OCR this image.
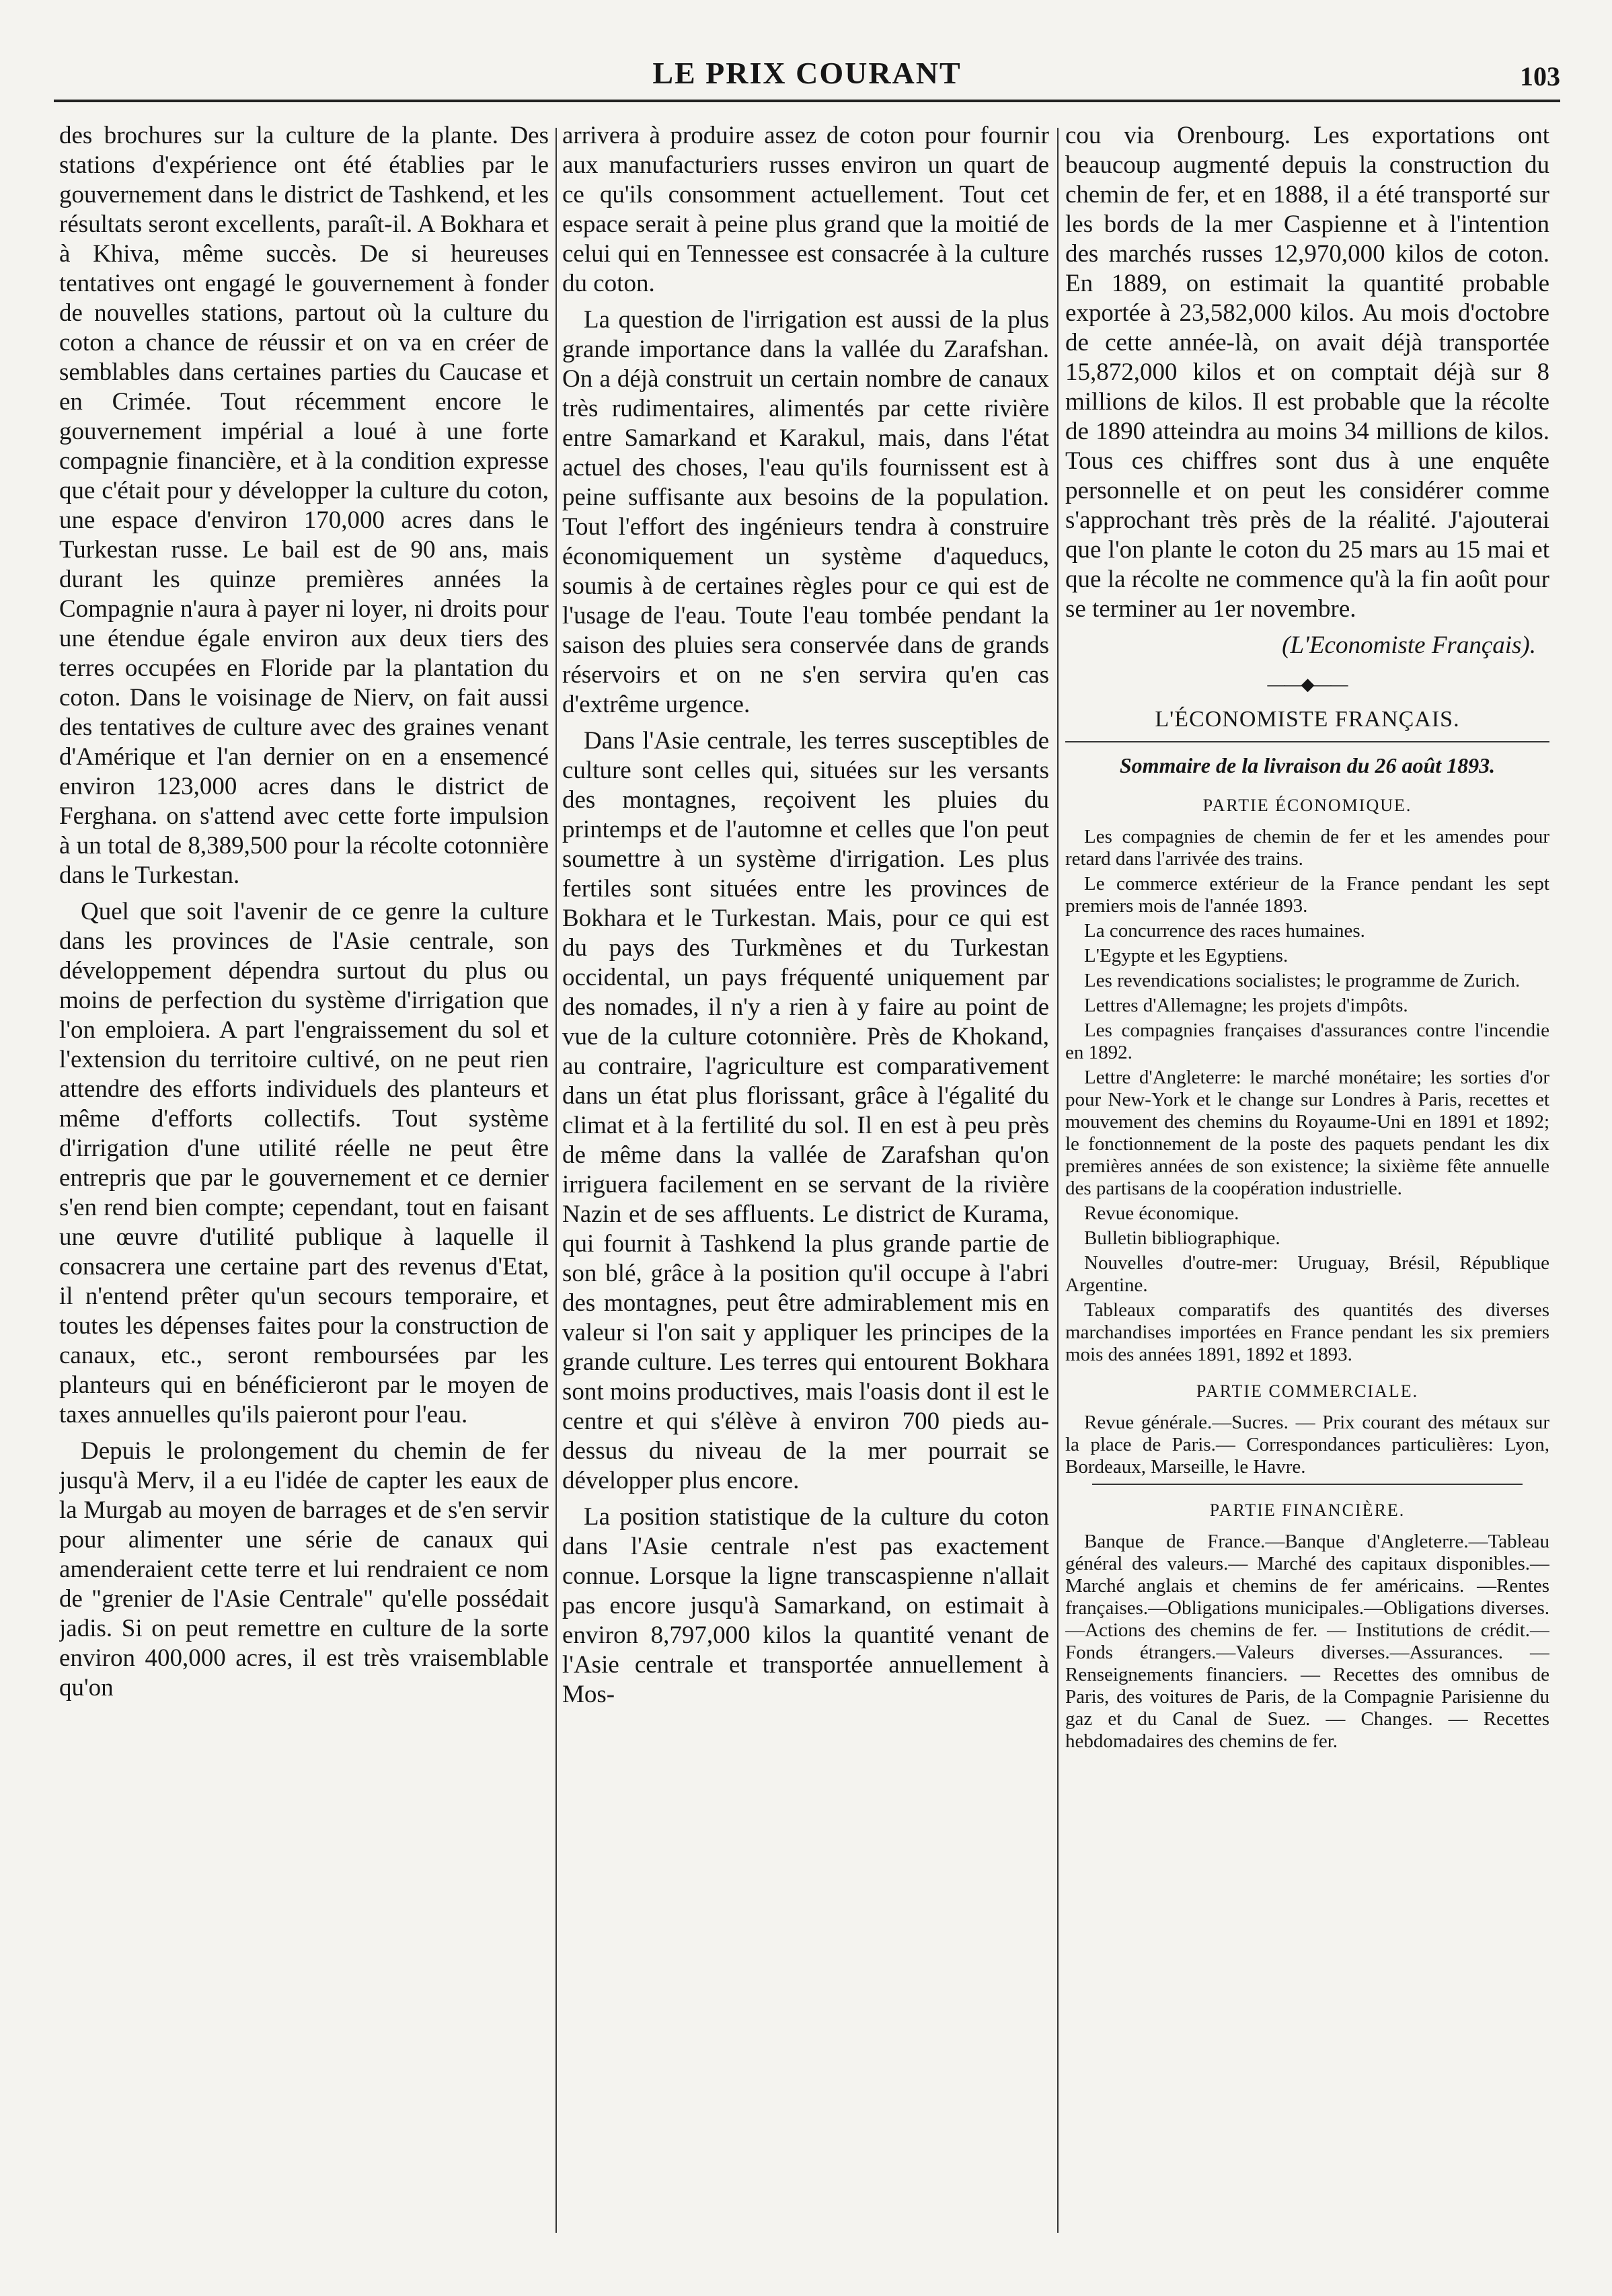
LE PRIX COURANT	103

des brochures sur la culture de la plante. Des stations d'expérience ont été établies par le gouvernement dans le district de Tashkend, et les résultats seront excellents, paraît-il. A Bokhara et à Khiva, même succès. De si heureuses tentatives ont engagé le gouvernement à fonder de nouvelles stations, partout où la culture du coton a chance de réussir et on va en créer de semblables dans certaines parties du Caucase et en Crimée. Tout récemment encore le gouvernement impérial a loué à une forte compagnie financière, et à la condition expresse que c'était pour y développer la culture du coton, une espace d'environ 170,000 acres dans le Turkestan russe. Le bail est de 90 ans, mais durant les quinze premières années la Compagnie n'aura à payer ni loyer, ni droits pour une étendue égale environ aux deux tiers des terres occupées en Floride par la plantation du coton. Dans le voisinage de Nierv, on fait aussi des tentatives de culture avec des graines venant d'Amérique et l'an dernier on en a ensemencé environ 123,000 acres dans le district de Ferghana. on s'attend avec cette forte impulsion à un total de 8,389,500 pour la récolte cotonnière dans le Turkestan.

Quel que soit l'avenir de ce genre la culture dans les provinces de l'Asie centrale, son développement dépendra surtout du plus ou moins de perfection du système d'irrigation que l'on emploiera. A part l'engraissement du sol et l'extension du territoire cultivé, on ne peut rien attendre des efforts individuels des planteurs et même d'efforts collectifs. Tout système d'irrigation d'une utilité réelle ne peut être entrepris que par le gouvernement et ce dernier s'en rend bien compte; cependant, tout en faisant une œuvre d'utilité publique à laquelle il consacrera une certaine part des revenus d'Etat, il n'entend prêter qu'un secours temporaire, et toutes les dépenses faites pour la construction de canaux, etc., seront remboursées par les planteurs qui en bénéficieront par le moyen de taxes annuelles qu'ils paieront pour l'eau.

Depuis le prolongement du chemin de fer jusqu'à Merv, il a eu l'idée de capter les eaux de la Murgab au moyen de barrages et de s'en servir pour alimenter une série de canaux qui amenderaient cette terre et lui rendraient ce nom de "grenier de l'Asie Centrale" qu'elle possédait jadis. Si on peut remettre en culture de la sorte environ 400,000 acres, il est très vraisemblable qu'on

arrivera à produire assez de coton pour fournir aux manufacturiers russes environ un quart de ce qu'ils consomment actuellement. Tout cet espace serait à peine plus grand que la moitié de celui qui en Tennessee est consacrée à la culture du coton.

La question de l'irrigation est aussi de la plus grande importance dans la vallée du Zarafshan. On a déjà construit un certain nombre de canaux très rudimentaires, alimentés par cette rivière entre Samarkand et Karakul, mais, dans l'état actuel des choses, l'eau qu'ils fournissent est à peine suffisante aux besoins de la population. Tout l'effort des ingénieurs tendra à construire économiquement un système d'aqueducs, soumis à de certaines règles pour ce qui est de l'usage de l'eau. Toute l'eau tombée pendant la saison des pluies sera conservée dans de grands réservoirs et on ne s'en servira qu'en cas d'extrême urgence.

Dans l'Asie centrale, les terres susceptibles de culture sont celles qui, situées sur les versants des montagnes, reçoivent les pluies du printemps et de l'automne et celles que l'on peut soumettre à un système d'irrigation. Les plus fertiles sont situées entre les provinces de Bokhara et le Turkestan. Mais, pour ce qui est du pays des Turkmènes et du Turkestan occidental, un pays fréquenté uniquement par des nomades, il n'y a rien à y faire au point de vue de la culture cotonnière. Près de Khokand, au contraire, l'agriculture est comparativement dans un état plus florissant, grâce à l'égalité du climat et à la fertilité du sol. Il en est à peu près de même dans la vallée de Zarafshan qu'on irriguera facilement en se servant de la rivière Nazin et de ses affluents. Le district de Kurama, qui fournit à Tashkend la plus grande partie de son blé, grâce à la position qu'il occupe à l'abri des montagnes, peut être admirablement mis en valeur si l'on sait y appliquer les principes de la grande culture. Les terres qui entourent Bokhara sont moins productives, mais l'oasis dont il est le centre et qui s'élève à environ 700 pieds au-dessus du niveau de la mer pourrait se développer plus encore.

La position statistique de la culture du coton dans l'Asie centrale n'est pas exactement connue. Lorsque la ligne transcaspienne n'allait pas encore jusqu'à Samarkand, on estimait à environ 8,797,000 kilos la quantité venant de l'Asie centrale et transportée annuellement à Mos-

cou via Orenbourg. Les exportations ont beaucoup augmenté depuis la construction du chemin de fer, et en 1888, il a été transporté sur les bords de la mer Caspienne et à l'intention des marchés russes 12,970,000 kilos de coton. En 1889, on estimait la quantité probable exportée à 23,582,000 kilos. Au mois d'octobre de cette année-là, on avait déjà transportée 15,872,000 kilos et on comptait déjà sur 8 millions de kilos. Il est probable que la récolte de 1890 atteindra au moins 34 millions de kilos. Tous ces chiffres sont dus à une enquête personnelle et on peut les considérer comme s'approchant très près de la réalité. J'ajouterai que l'on plante le coton du 25 mars au 15 mai et que la récolte ne commence qu'à la fin août pour se terminer au 1er novembre.

(L'Economiste Français).
——◆——
L'ÉCONOMISTE FRANÇAIS.
Sommaire de la livraison du 26 août 1893.
PARTIE ÉCONOMIQUE.
Les compagnies de chemin de fer et les amendes pour retard dans l'arrivée des trains.
Le commerce extérieur de la France pendant les sept premiers mois de l'année 1893.
La concurrence des races humaines.
L'Egypte et les Egyptiens.
Les revendications socialistes; le programme de Zurich.
Lettres d'Allemagne; les projets d'impôts.
Les compagnies françaises d'assurances contre l'incendie en 1892.
Lettre d'Angleterre: le marché monétaire; les sorties d'or pour New-York et le change sur Londres à Paris, recettes et mouvement des chemins du Royaume-Uni en 1891 et 1892; le fonctionnement de la poste des paquets pendant les dix premières années de son existence; la sixième fête annuelle des partisans de la coopération industrielle.
Revue économique.
Bulletin bibliographique.
Nouvelles d'outre-mer: Uruguay, Brésil, République Argentine.
Tableaux comparatifs des quantités des diverses marchandises importées en France pendant les six premiers mois des années 1891, 1892 et 1893.
PARTIE COMMERCIALE.
Revue générale.—Sucres. — Prix courant des métaux sur la place de Paris.— Correspondances particulières: Lyon, Bordeaux, Marseille, le Havre.
PARTIE FINANCIÈRE.
Banque de France.—Banque d'Angleterre.—Tableau général des valeurs.— Marché des capitaux disponibles.—Marché anglais et chemins de fer américains. —Rentes françaises.—Obligations municipales.—Obligations diverses.—Actions des chemins de fer. — Institutions de crédit.—Fonds étrangers.—Valeurs diverses.—Assurances. — Renseignements financiers. — Recettes des omnibus de Paris, des voitures de Paris, de la Compagnie Parisienne du gaz et du Canal de Suez. — Changes. — Recettes hebdomadaires des chemins de fer.
